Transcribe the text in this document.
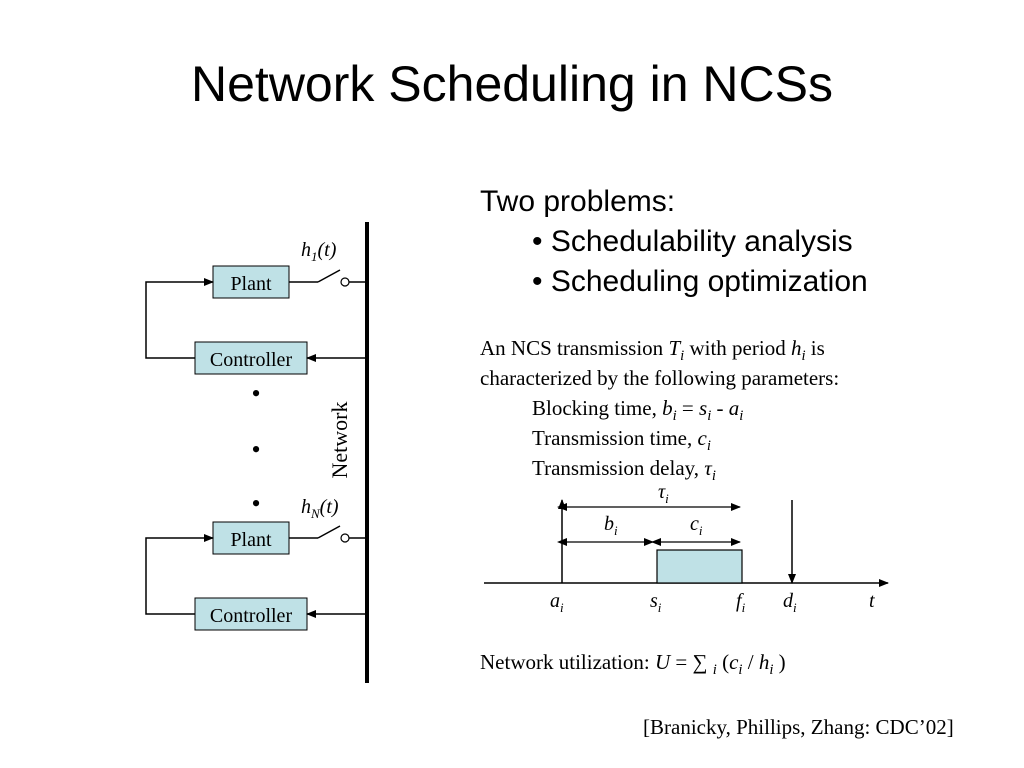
Network Scheduling in NCSs
Network
Plant
Controller
$h_1(t)$
•
•
•
Plant
Controller
$h_N(t)$
$\tau_i$
$b_i$	$c_i$
$a_i$	$s_i$	$f_i$ $d_i$	t
Two problems:
• Schedulability analysis
• Scheduling optimization
An NCS transmission $T_i$ with period $h_i$ is
characterized by the following parameters:
Blocking time, $b_i = s_i - a_i$
Transmission time, $c_i$
Transmission delay, $\tau_i$
Network utilization: U = ∑ $_i$ ($c_i / h_i$ )
[Branicky, Phillips, Zhang: CDC’02]
